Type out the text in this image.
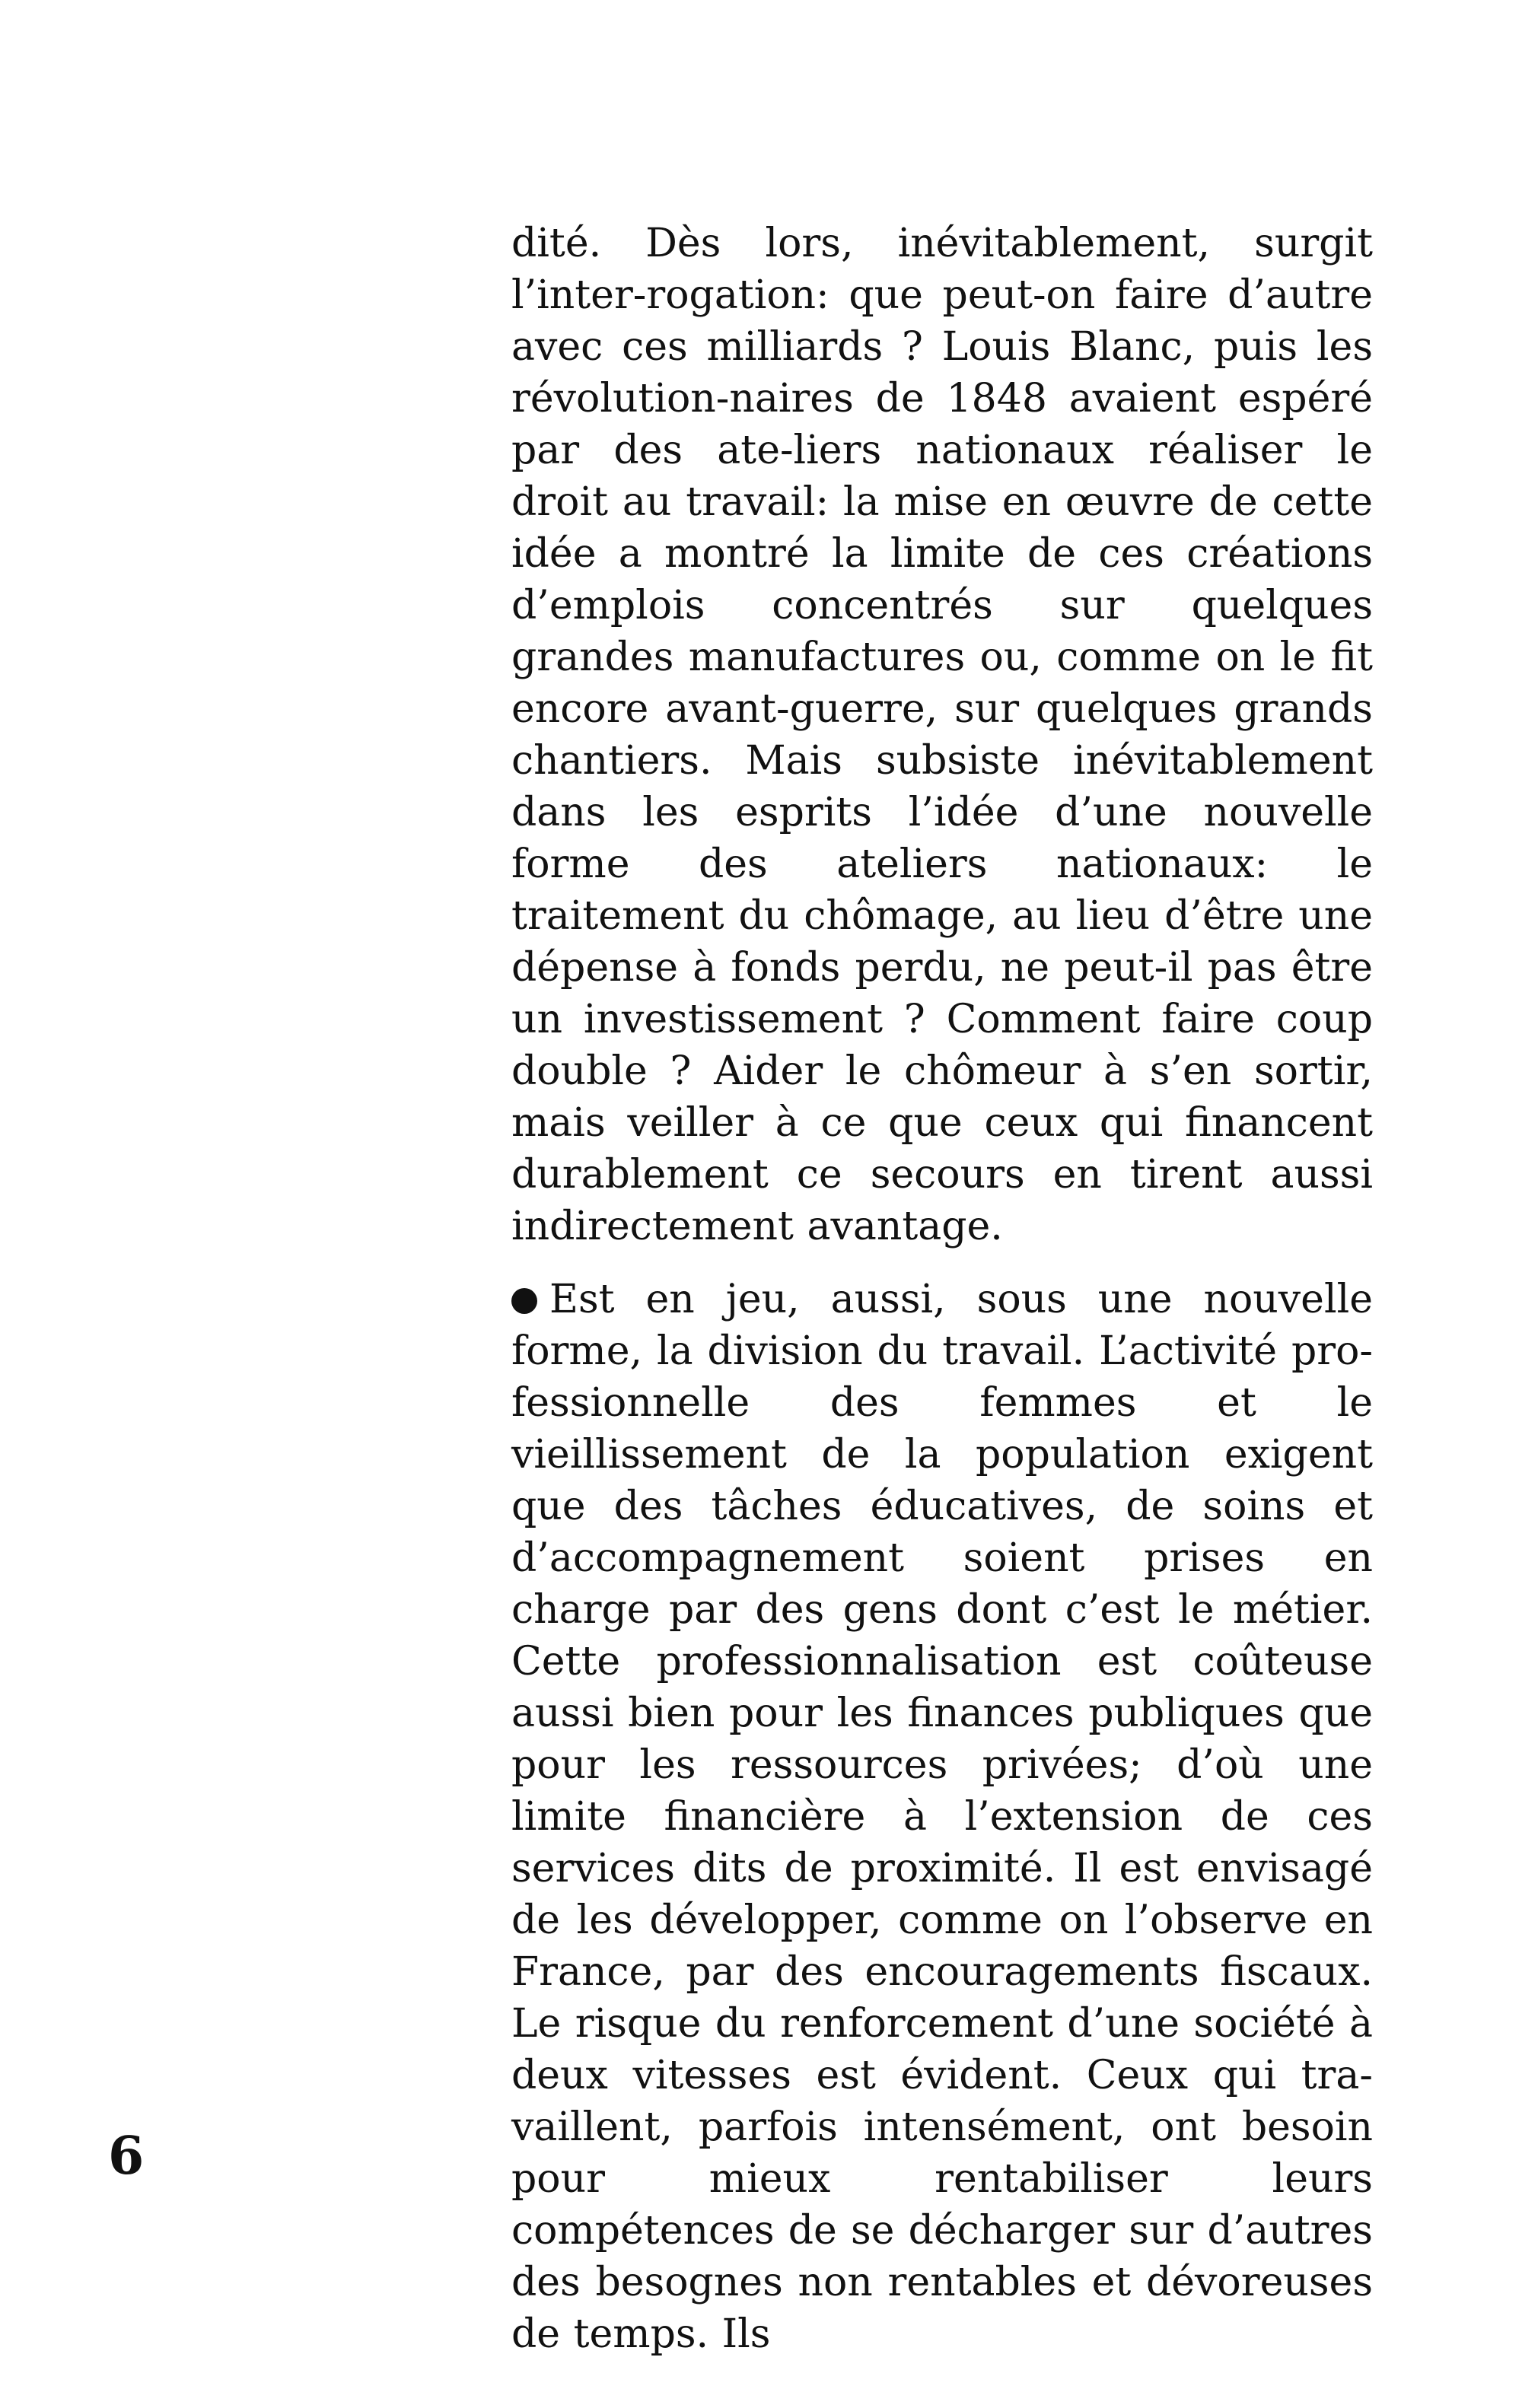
dité. Dès lors, inévitablement, surgit l’inter-rogation: que peut-on faire d’autre avec ces milliards ? Louis Blanc, puis les révolution-naires de 1848 avaient espéré par des ate-liers nationaux réaliser le droit au travail: la mise en œuvre de cette idée a montré la limite de ces créations d’emplois concentrés sur quelques grandes manufactures ou, comme on le fit encore avant-guerre, sur quelques grands chantiers. Mais subsiste inévitablement dans les esprits l’idée d’une nouvelle forme des ateliers nationaux: le traitement du chômage, au lieu d’être une dépense à fonds perdu, ne peut-il pas être un investissement ? Comment faire coup double ? Aider le chômeur à s’en sortir, mais veiller à ce que ceux qui financent durablement ce secours en tirent aussi indirectement avantage.

Est en jeu, aussi, sous une nouvelle forme, la division du travail. L’activité pro-fessionnelle des femmes et le vieillissement de la population exigent que des tâches éducatives, de soins et d’accompagnement soient prises en charge par des gens dont c’est le métier. Cette professionnalisation est coûteuse aussi bien pour les finances publiques que pour les ressources privées; d’où une limite financière à l’extension de ces services dits de proximité. Il est envisagé de les développer, comme on l’observe en France, par des encouragements fiscaux. Le risque du renforcement d’une société à deux vitesses est évident. Ceux qui tra-vaillent, parfois intensément, ont besoin pour mieux rentabiliser leurs compétences de se décharger sur d’autres des besognes non rentables et dévoreuses de temps. Ils

6
